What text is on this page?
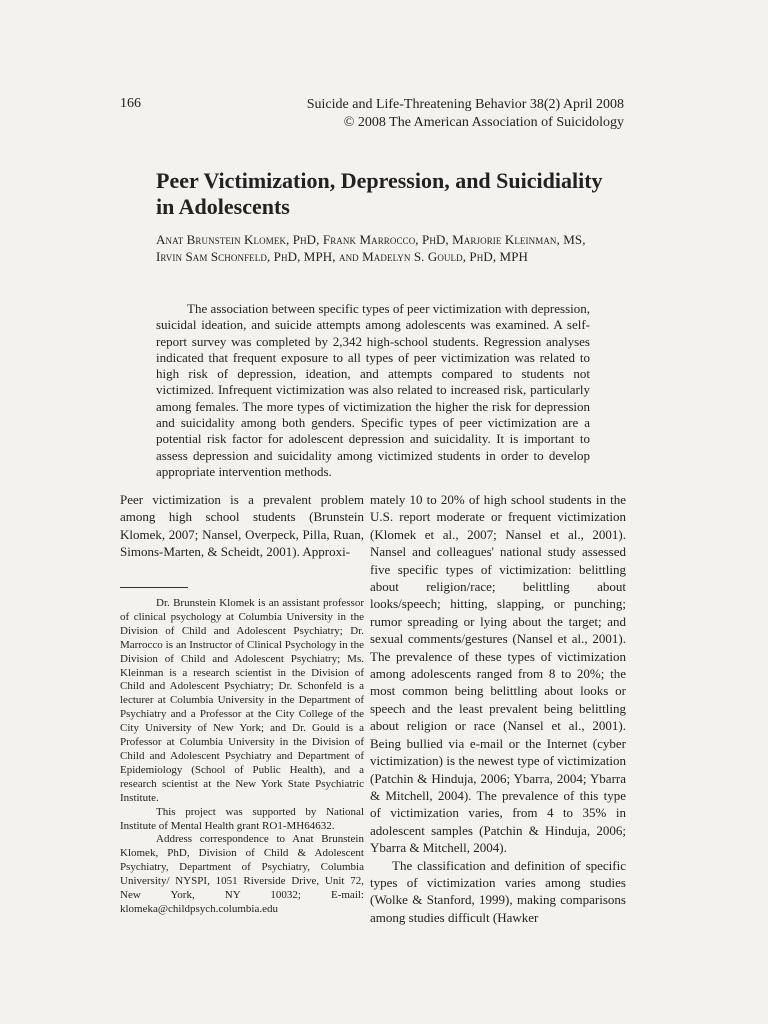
166	Suicide and Life-Threatening Behavior 38(2) April 2008
© 2008 The American Association of Suicidology
Peer Victimization, Depression, and Suicidiality
in Adolescents
Anat Brunstein Klomek, PhD, Frank Marrocco, PhD, Marjorie Kleinman, MS,
Irvin Sam Schonfeld, PhD, MPH, and Madelyn S. Gould, PhD, MPH

The association between specific types of peer victimization with depression, suicidal ideation, and suicide attempts among adolescents was examined. A self-report survey was completed by 2,342 high-school students. Regression analyses indicated that frequent exposure to all types of peer victimization was related to high risk of depression, ideation, and attempts compared to students not victimized. Infrequent victimization was also related to increased risk, particularly among females. The more types of victimization the higher the risk for depression and suicidality among both genders. Specific types of peer victimization are a potential risk factor for adolescent depression and suicidality. It is important to assess depression and suicidality among victimized students in order to develop appropriate intervention methods.

Peer victimization is a prevalent problem among high school students (Brunstein Klomek, 2007; Nansel, Overpeck, Pilla, Ruan, Simons-Marten, & Scheidt, 2001). Approxi-

Dr. Brunstein Klomek is an assistant professor of clinical psychology at Columbia University in the Division of Child and Adolescent Psychiatry; Dr. Marrocco is an Instructor of Clinical Psychology in the Division of Child and Adolescent Psychiatry; Ms. Kleinman is a research scientist in the Division of Child and Adolescent Psychiatry; Dr. Schonfeld is a lecturer at Columbia University in the Department of Psychiatry and a Professor at the City College of the City University of New York; and Dr. Gould is a Professor at Columbia University in the Division of Child and Adolescent Psychiatry and Department of Epidemiology (School of Public Health), and a research scientist at the New York State Psychiatric Institute.

This project was supported by National Institute of Mental Health grant RO1-MH64632.

Address correspondence to Anat Brunstein Klomek, PhD, Division of Child & Adolescent Psychiatry, Department of Psychiatry, Columbia University/ NYSPI, 1051 Riverside Drive, Unit 72, New York, NY 10032; E-mail: klomeka@childpsych.columbia.edu

mately 10 to 20% of high school students in the U.S. report moderate or frequent victimization (Klomek et al., 2007; Nansel et al., 2001). Nansel and colleagues' national study assessed five specific types of victimization: belittling about religion/race; belittling about looks/speech; hitting, slapping, or punching; rumor spreading or lying about the target; and sexual comments/gestures (Nansel et al., 2001). The prevalence of these types of victimization among adolescents ranged from 8 to 20%; the most common being belittling about looks or speech and the least prevalent being belittling about religion or race (Nansel et al., 2001). Being bullied via e-mail or the Internet (cyber victimization) is the newest type of victimization (Patchin & Hinduja, 2006; Ybarra, 2004; Ybarra & Mitchell, 2004). The prevalence of this type of victimization varies, from 4 to 35% in adolescent samples (Patchin & Hinduja, 2006; Ybarra & Mitchell, 2004).

The classification and definition of specific types of victimization varies among studies (Wolke & Stanford, 1999), making comparisons among studies difficult (Hawker
